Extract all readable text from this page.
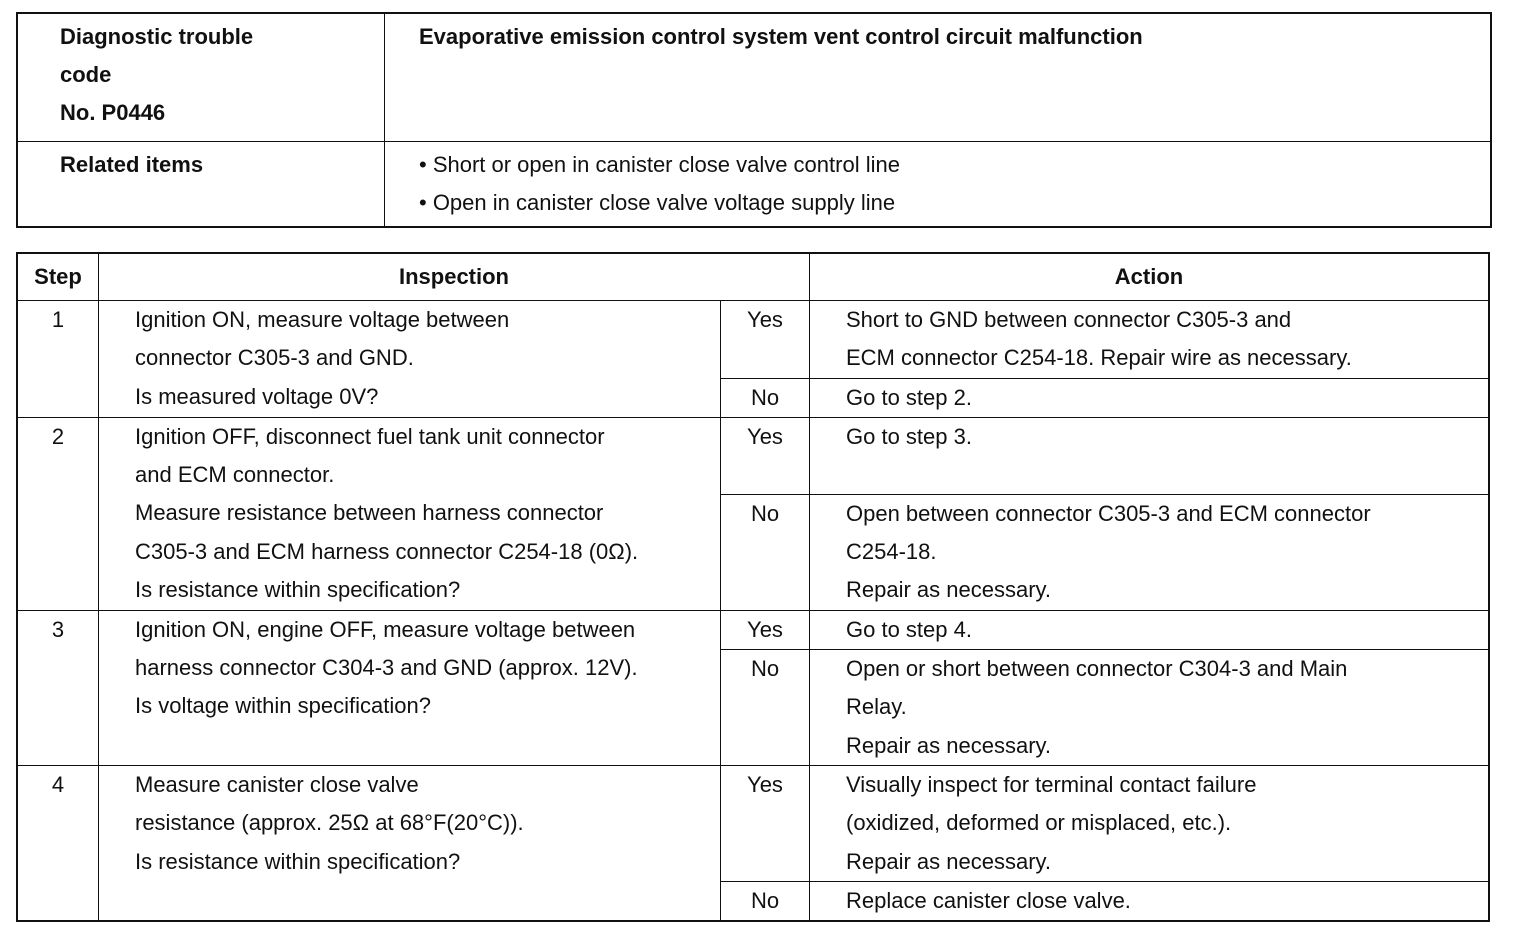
Diagnostic trouble
code
No. P0446	Evaporative emission control system vent control circuit malfunction
Related items	• Short or open in canister close valve control line
• Open in canister close valve voltage supply line
Step	Inspection		Action
1	Ignition ON, measure voltage between
connector C305-3 and GND.
Is measured voltage 0V?	Yes	Short to GND between connector C305-3 and
ECM connector C254-18. Repair wire as necessary.

		No	Go to step 2.

2	Ignition OFF, disconnect fuel tank unit connector
and ECM connector.
Measure resistance between harness connector
C305-3 and ECM harness connector C254-18 (0Ω).
Is resistance within specification?	Yes	Go to step 3.

		No	Open between connector C305-3 and ECM connector
C254-18.
Repair as necessary.

3	Ignition ON, engine OFF, measure voltage between
harness connector C304-3 and GND (approx. 12V).
Is voltage within specification?	Yes	Go to step 4.

		No	Open or short between connector C304-3 and Main
Relay.
Repair as necessary.

4	Measure canister close valve
resistance (approx. 25Ω at 68°F(20°C)).
Is resistance within specification?	Yes	Visually inspect for terminal contact failure
(oxidized, deformed or misplaced, etc.).
Repair as necessary.

		No	Replace canister close valve.
